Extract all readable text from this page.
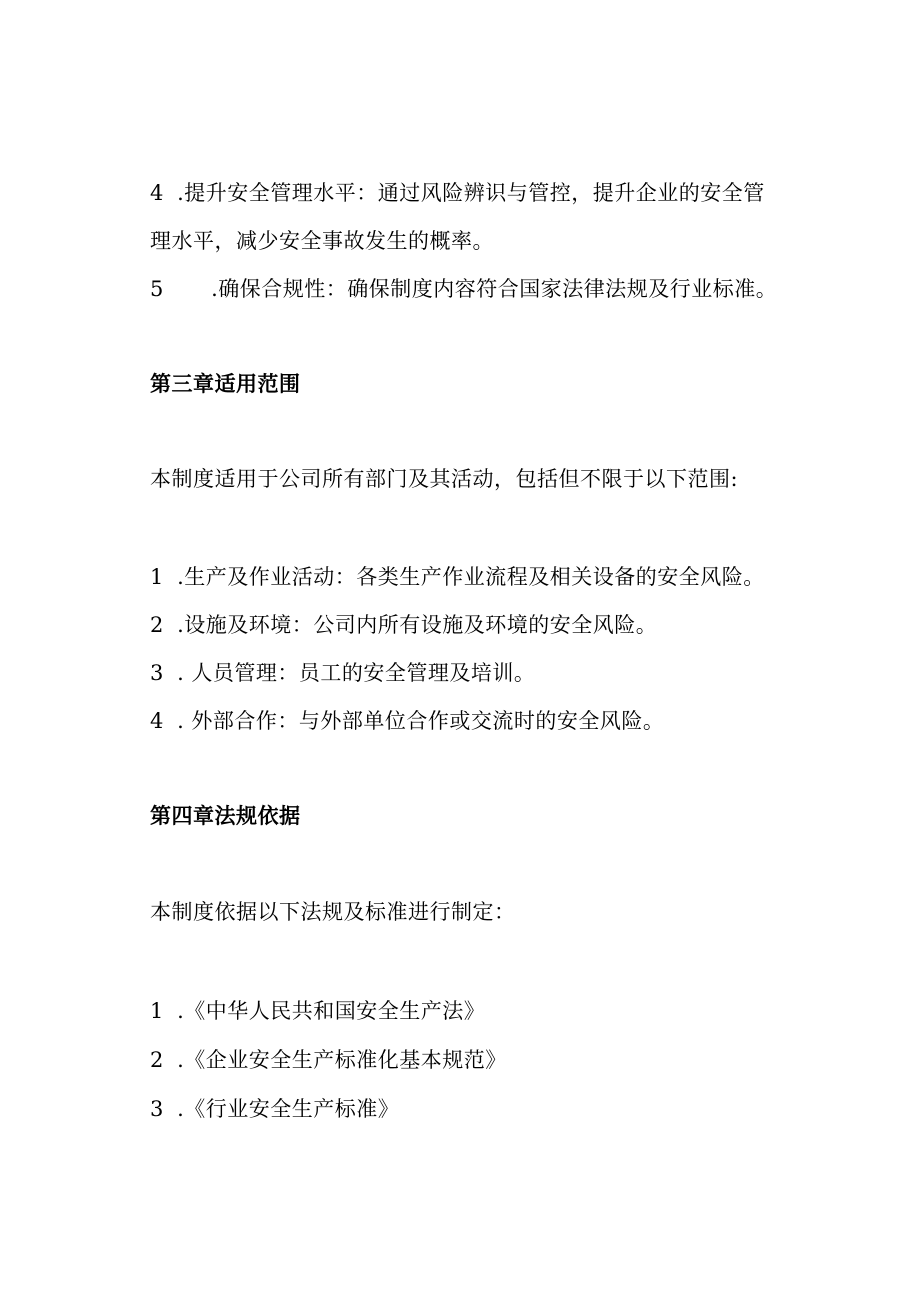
4 .提升安全管理水平：通过风险辨识与管控，提升企业的安全管
理水平，减少安全事故发生的概率。
5 .确保合规性：确保制度内容符合国家法律法规及行业标准。
第三章适用范围
本制度适用于公司所有部门及其活动，包括但不限于以下范围:
1 .生产及作业活动：各类生产作业流程及相关设备的安全风险。
2 .设施及环境：公司内所有设施及环境的安全风险。
3 . 人员管理：员工的安全管理及培训。
4 . 外部合作：与外部单位合作或交流时的安全风险。
第四章法规依据
本制度依据以下法规及标准进行制定：
1 .《中华人民共和国安全生产法》
2 .《企业安全生产标准化基本规范》
3 .《行业安全生产标准》
